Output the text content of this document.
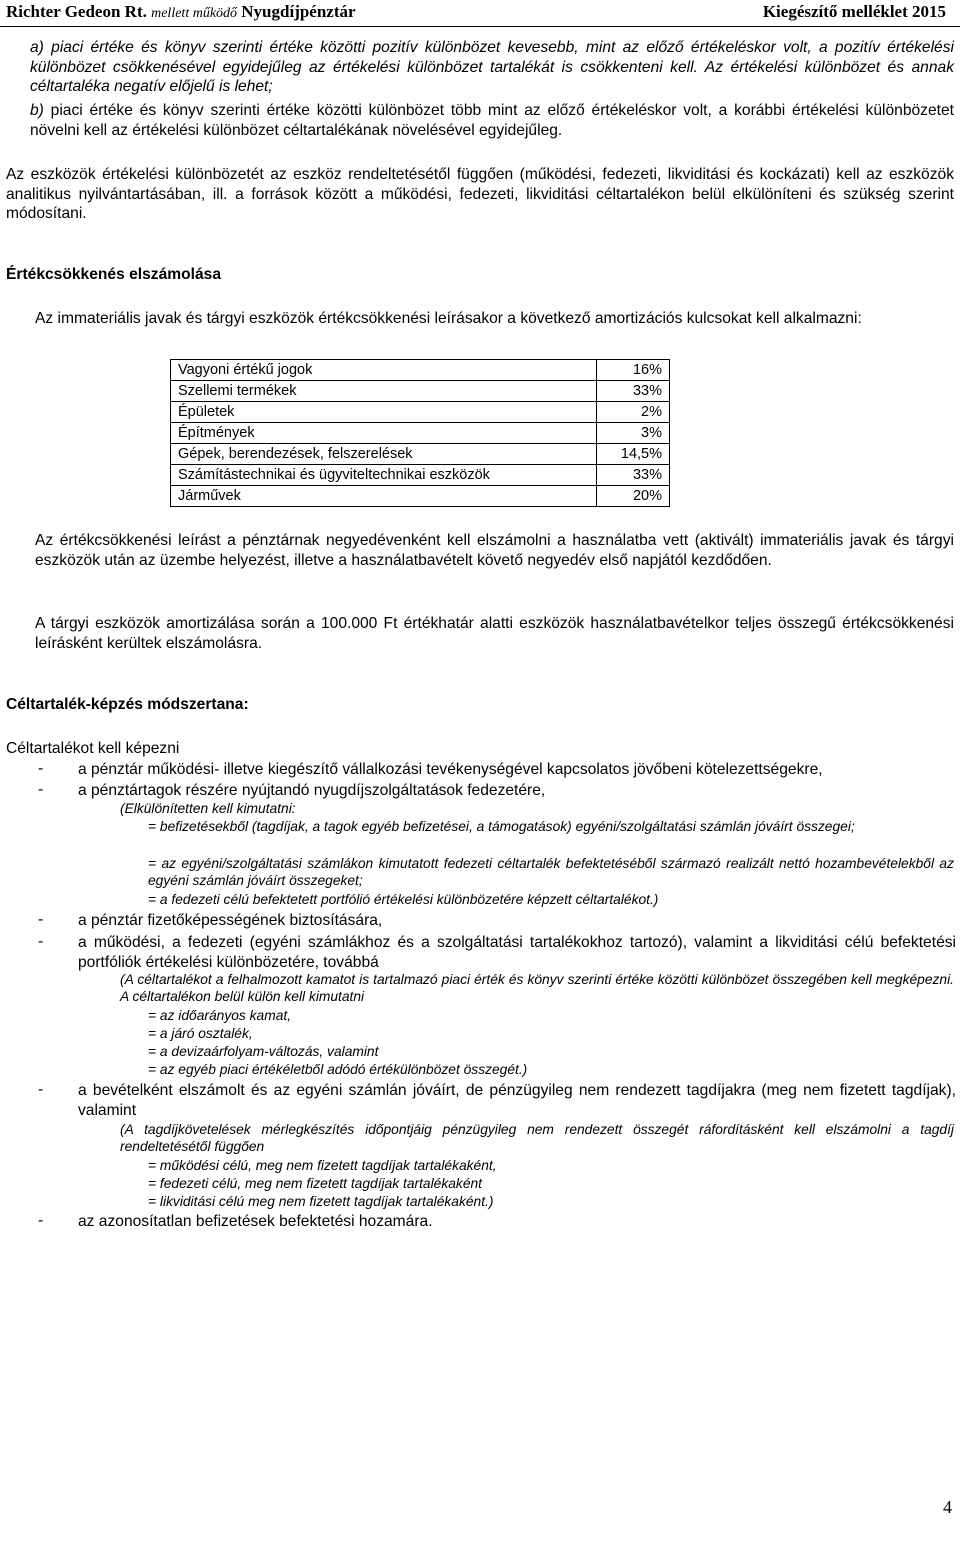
Richter Gedeon Rt. mellett működő Nyugdíjpénztár	Kiegészítő melléklet 2015
a) piaci értéke és könyv szerinti értéke közötti pozitív különbözet kevesebb, mint az előző értékeléskor volt, a pozitív értékelési különbözet csökkenésével egyidejűleg az értékelési különbözet tartalékát is csökkenteni kell. Az értékelési különbözet és annak céltartaléka negatív előjelű is lehet;
b) piaci értéke és könyv szerinti értéke közötti különbözet több mint az előző értékeléskor volt, a korábbi értékelési különbözetet növelni kell az értékelési különbözet céltartalékának növelésével egyidejűleg.
Az eszközök értékelési különbözetét az eszköz rendeltetésétől függően (működési, fedezeti, likviditási és kockázati) kell az eszközök analitikus nyilvántartásában, ill. a források között a működési, fedezeti, likviditási céltartalékon belül elkülöníteni és szükség szerint módosítani.
Értékcsökkenés elszámolása
Az immateriális javak és tárgyi eszközök értékcsökkenési leírásakor a következő amortizációs kulcsokat kell alkalmazni:
Vagyoni értékű jogok	16%
Szellemi termékek	33%
Épületek	2%
Építmények	3%
Gépek, berendezések, felszerelések	14,5%
Számítástechnikai és ügyviteltechnikai eszközök	33%
Járművek	20%
Az értékcsökkenési leírást a pénztárnak negyedévenként kell elszámolni a használatba vett (aktivált) immateriális javak és tárgyi eszközök után az üzembe helyezést, illetve a használatbavételt követő negyedév első napjától kezdődően.
A tárgyi eszközök amortizálása során a 100.000 Ft értékhatár alatti eszközök használatbavételkor teljes összegű értékcsökkenési leírásként kerültek elszámolásra.
Céltartalék-képzés módszertana:
Céltartalékot kell képezni
- a pénztár működési- illetve kiegészítő vállalkozási tevékenységével kapcsolatos jövőbeni kötelezettségekre,
- a pénztártagok részére nyújtandó nyugdíjszolgáltatások fedezetére,
(Elkülönítetten kell kimutatni:
= befizetésekből (tagdíjak, a tagok egyéb befizetései, a támogatások) egyéni/szolgáltatási számlán jóváírt összegei;
= az egyéni/szolgáltatási számlákon kimutatott fedezeti céltartalék befektetéséből származó realizált nettó hozambevételekből az egyéni számlán jóváírt összegeket;
= a fedezeti célú befektetett portfólió értékelési különbözetére képzett céltartalékot.)
- a pénztár fizetőképességének biztosítására,
- a működési, a fedezeti (egyéni számlákhoz és a szolgáltatási tartalékokhoz tartozó), valamint a likviditási célú befektetési portfóliók értékelési különbözetére, továbbá
(A céltartalékot a felhalmozott kamatot is tartalmazó piaci érték és könyv szerinti értéke közötti különbözet összegében kell megképezni. A céltartalékon belül külön kell kimutatni
= az időarányos kamat,
= a járó osztalék,
= a devizaárfolyam-változás, valamint
= az egyéb piaci értékéletből adódó értékülönbözet összegét.)
- a bevételként elszámolt és az egyéni számlán jóváírt, de pénzügyileg nem rendezett tagdíjakra (meg nem fizetett tagdíjak), valamint
(A tagdíjkövetelések mérlegkészítés időpontjáig pénzügyileg nem rendezett összegét ráfordításként kell elszámolni a tagdíj rendeltetésétől függően
= működési célú, meg nem fizetett tagdíjak tartalékaként,
= fedezeti célú, meg nem fizetett tagdíjak tartalékaként
= likviditási célú meg nem fizetett tagdíjak tartalékaként.)
- az azonosítatlan befizetések befektetési hozamára.
4
